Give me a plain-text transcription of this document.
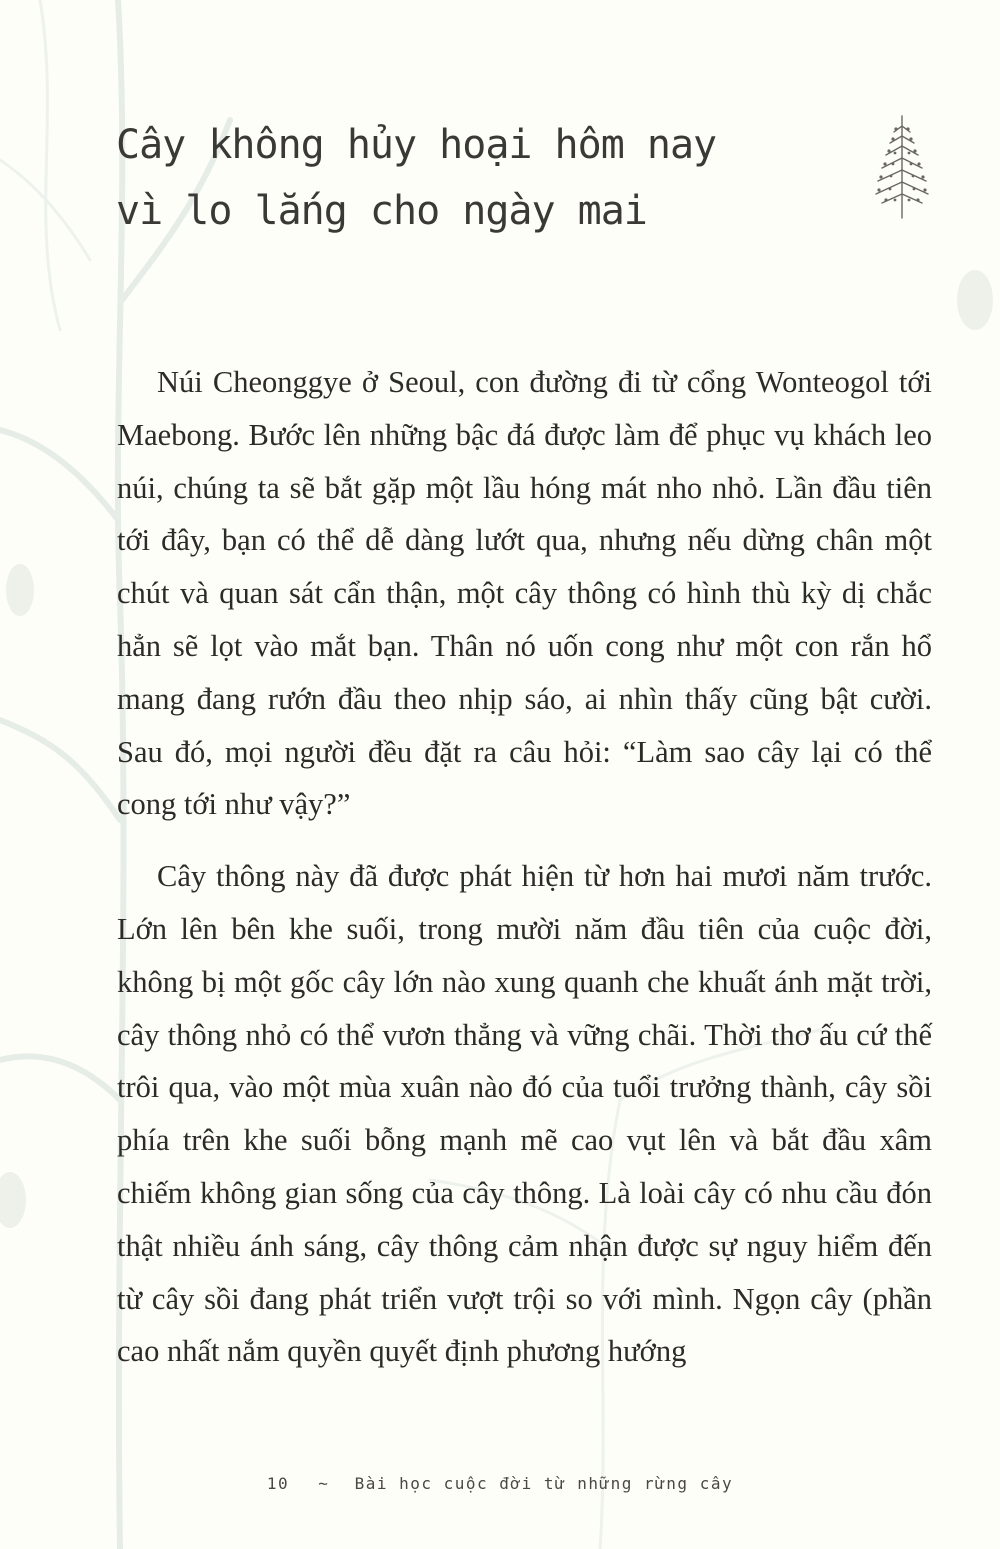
Cây không hủy hoại hôm nay
vì lo lắng cho ngày mai

Núi Cheonggye ở Seoul, con đường đi từ cổng Wonteogol tới Maebong. Bước lên những bậc đá được làm để phục vụ khách leo núi, chúng ta sẽ bắt gặp một lầu hóng mát nho nhỏ. Lần đầu tiên tới đây, bạn có thể dễ dàng lướt qua, nhưng nếu dừng chân một chút và quan sát cẩn thận, một cây thông có hình thù kỳ dị chắc hẳn sẽ lọt vào mắt bạn. Thân nó uốn cong như một con rắn hổ mang đang rướn đầu theo nhịp sáo, ai nhìn thấy cũng bật cười. Sau đó, mọi người đều đặt ra câu hỏi: “Làm sao cây lại có thể cong tới như vậy?”

Cây thông này đã được phát hiện từ hơn hai mươi năm trước. Lớn lên bên khe suối, trong mười năm đầu tiên của cuộc đời, không bị một gốc cây lớn nào xung quanh che khuất ánh mặt trời, cây thông nhỏ có thể vươn thẳng và vững chãi. Thời thơ ấu cứ thế trôi qua, vào một mùa xuân nào đó của tuổi trưởng thành, cây sồi phía trên khe suối bỗng mạnh mẽ cao vụt lên và bắt đầu xâm chiếm không gian sống của cây thông. Là loài cây có nhu cầu đón thật nhiều ánh sáng, cây thông cảm nhận được sự nguy hiểm đến từ cây sồi đang phát triển vượt trội so với mình. Ngọn cây (phần cao nhất nắm quyền quyết định phương hướng

10 ~ Bài học cuộc đời từ những rừng cây
